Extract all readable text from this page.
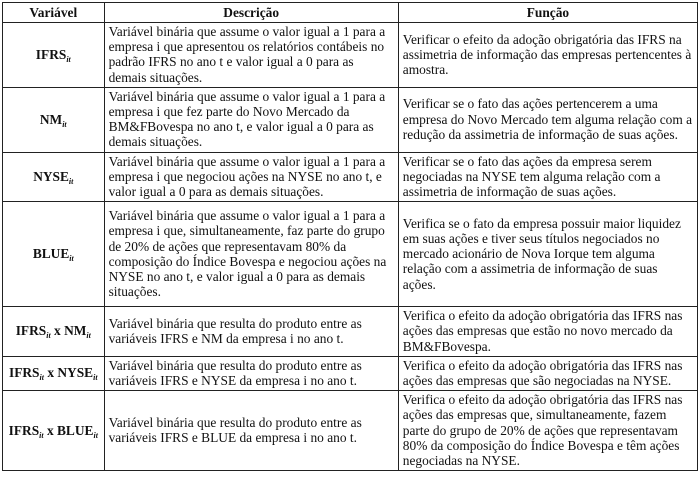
Variável	Descrição	Função
$IFRS_{it}$	Variável binária que assume o valor igual a 1 para a empresa i que apresentou os relatórios contábeis no padrão IFRS no ano t e valor igual a 0 para as demais situações.	Verificar o efeito da adoção obrigatória das IFRS na assimetria de informação das empresas pertencentes à amostra.
$NM_{it}$	Variável binária que assume o valor igual a 1 para a empresa i que fez parte do Novo Mercado da BM&FBovespa no ano t, e valor igual a 0 para as demais situações.	Verificar se o fato das ações pertencerem a uma empresa do Novo Mercado tem alguma relação com a redução da assimetria de informação de suas ações.
$NYSE_{it}$	Variável binária que assume o valor igual a 1 para a empresa i que negociou ações na NYSE no ano t, e valor igual a 0 para as demais situações.	Verificar se o fato das ações da empresa serem negociadas na NYSE tem alguma relação com a assimetria de informação de suas ações.
$BLUE_{it}$	Variável binária que assume o valor igual a 1 para a empresa i que, simultaneamente, faz parte do grupo de 20% de ações que representavam 80% da composição do Índice Bovespa e negociou ações na NYSE no ano t, e valor igual a 0 para as demais situações.	Verifica se o fato da empresa possuir maior liquidez em suas ações e tiver seus títulos negociados no mercado acionário de Nova Iorque tem alguma relação com a assimetria de informação de suas ações.
$IFRS_{it}$ x $NM_{it}$	Variável binária que resulta do produto entre as variáveis IFRS e NM da empresa i no ano t.	Verifica o efeito da adoção obrigatória das IFRS nas ações das empresas que estão no novo mercado da BM&FBovespa.
$IFRS_{it}$ x $NYSE_{it}$	Variável binária que resulta do produto entre as variáveis IFRS e NYSE da empresa i no ano t.	Verifica o efeito da adoção obrigatória das IFRS nas ações das empresas que são negociadas na NYSE.
$IFRS_{it}$ x $BLUE_{it}$	Variável binária que resulta do produto entre as variáveis IFRS e BLUE da empresa i no ano t.	Verifica o efeito da adoção obrigatória das IFRS nas ações das empresas que, simultaneamente, fazem parte do grupo de 20% de ações que representavam 80% da composição do Índice Bovespa e têm ações negociadas na NYSE.
